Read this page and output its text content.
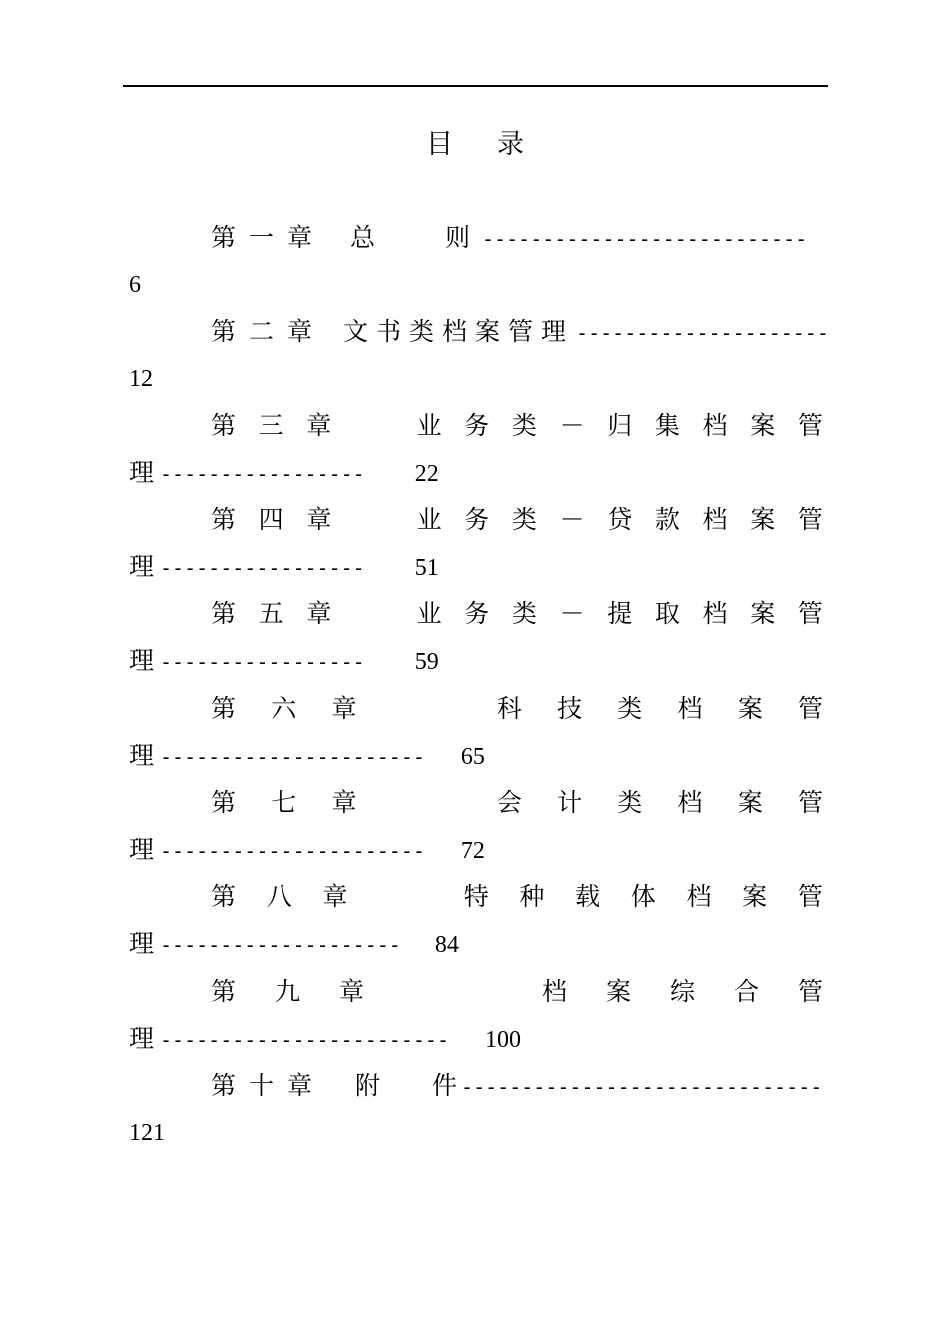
目录
第一章 总	则 ---------------------------
6
第二章 文书类档案管理 ---------------------
12
第 三 章	业 务 类 － 归 集 档 案 管
理 ----------------- 22
第 四 章	业 务 类 － 贷 款 档 案 管
理 ----------------- 51
第 五 章	业 务 类 － 提 取 档 案 管
理 ----------------- 59
第 六 章	科 技 类 档 案 管
理 ---------------------- 65
第 七 章	会 计 类 档 案 管
理 ---------------------- 72
第 八 章	特 种 载 体 档 案 管
理 -------------------- 84
第 九 章	档 案 综 合 管
理 ------------------------ 100
第十章 附 件 ------------------------------
121
